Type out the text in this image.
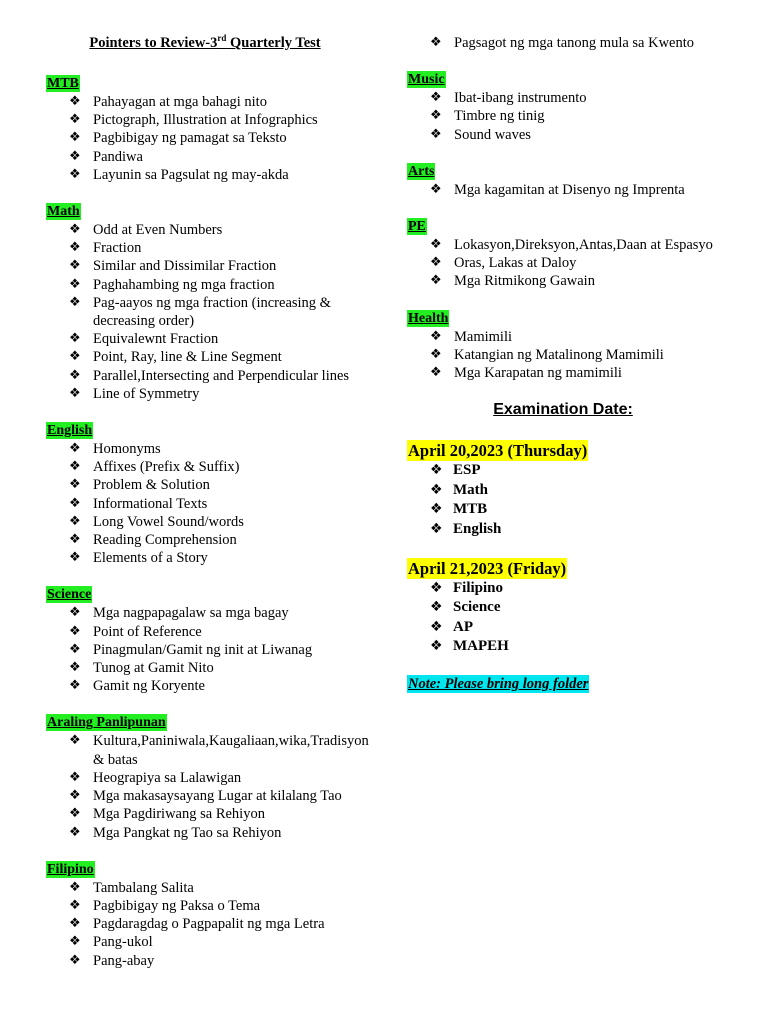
Pointers to Review-3rd Quarterly Test
MTB
❖ Pahayagan at mga bahagi nito
❖ Pictograph, Illustration at Infographics
❖ Pagbibigay ng pamagat sa Teksto
❖ Pandiwa
❖ Layunin sa Pagsulat ng may-akda
Math
❖ Odd at Even Numbers
❖ Fraction
❖ Similar and Dissimilar Fraction
❖ Paghahambing ng mga fraction
❖ Pag-aayos ng mga fraction (increasing & decreasing order)
❖ Equivalewnt Fraction
❖ Point, Ray, line & Line Segment
❖ Parallel,Intersecting and Perpendicular lines
❖ Line of Symmetry
English
❖ Homonyms
❖ Affixes (Prefix & Suffix)
❖ Problem & Solution
❖ Informational Texts
❖ Long Vowel Sound/words
❖ Reading Comprehension
❖ Elements of a Story
Science
❖ Mga nagpapagalaw sa mga bagay
❖ Point of Reference
❖ Pinagmulan/Gamit ng init at Liwanag
❖ Tunog at Gamit Nito
❖ Gamit ng Koryente
Araling Panlipunan
❖ Kultura,Paniniwala,Kaugaliaan,wika,Tradisyon & batas
❖ Heograpiya sa Lalawigan
❖ Mga makasaysayang Lugar at kilalang Tao
❖ Mga Pagdiriwang sa Rehiyon
❖ Mga Pangkat ng Tao sa Rehiyon
Filipino
❖ Tambalang Salita
❖ Pagbibigay ng Paksa o Tema
❖ Pagdaragdag o Pagpapalit ng mga Letra
❖ Pang-ukol
❖ Pang-abay
❖ Pagsagot ng mga tanong mula sa Kwento
Music
❖ Ibat-ibang instrumento
❖ Timbre ng tinig
❖ Sound waves
Arts
❖ Mga kagamitan at Disenyo ng Imprenta
PE
❖ Lokasyon,Direksyon,Antas,Daan at Espasyo
❖ Oras, Lakas at Daloy
❖ Mga Ritmikong Gawain
Health
❖ Mamimili
❖ Katangian ng Matalinong Mamimili
❖ Mga Karapatan ng mamimili
Examination Date:
April 20,2023 (Thursday)
❖ ESP
❖ Math
❖ MTB
❖ English
April 21,2023 (Friday)
❖ Filipino
❖ Science
❖ AP
❖ MAPEH
Note: Please bring long folder
